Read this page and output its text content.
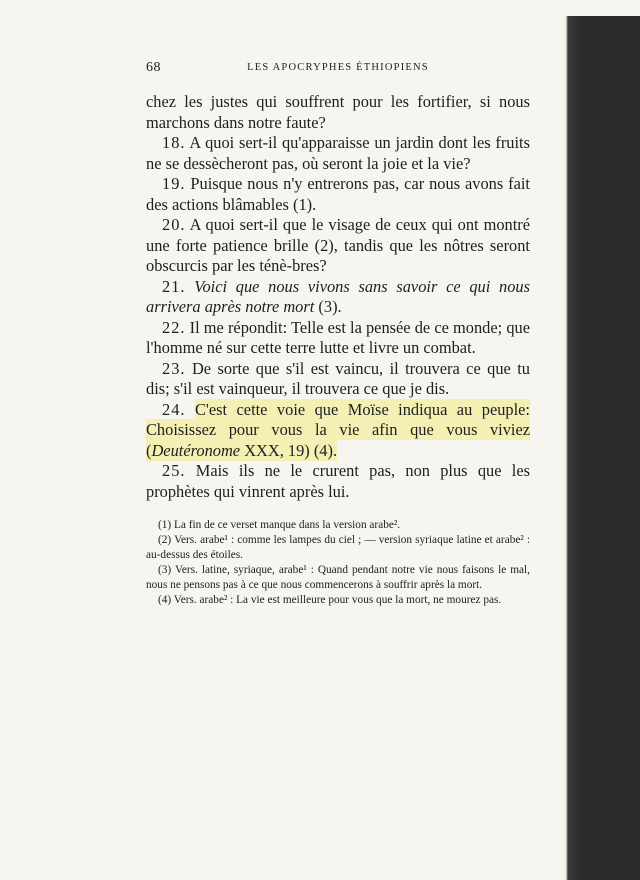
68	LES APOCRYPHES ÉTHIOPIENS

chez les justes qui souffrent pour les fortifier, si nous marchons dans notre faute?

18. A quoi sert-il qu'apparaisse un jardin dont les fruits ne se dessècheront pas, où seront la joie et la vie?

19. Puisque nous n'y entrerons pas, car nous avons fait des actions blâmables (1).

20. A quoi sert-il que le visage de ceux qui ont montré une forte patience brille (2), tandis que les nôtres seront obscurcis par les ténè-bres?

21. Voici que nous vivons sans savoir ce qui nous arrivera après notre mort (3).

22. Il me répondit: Telle est la pensée de ce monde; que l'homme né sur cette terre lutte et livre un combat.

23. De sorte que s'il est vaincu, il trouvera ce que tu dis; s'il est vainqueur, il trouvera ce que je dis.

24. C'est cette voie que Moïse indiqua au peuple: Choisissez pour vous la vie afin que vous viviez (Deutéronome XXX, 19) (4).

25. Mais ils ne le crurent pas, non plus que les prophètes qui vinrent après lui.

(1) La fin de ce verset manque dans la version arabe².

(2) Vers. arabe¹ : comme les lampes du ciel ; — version syriaque latine et arabe² : au-dessus des étoiles.

(3) Vers. latine, syriaque, arabe¹ : Quand pendant notre vie nous faisons le mal, nous ne pensons pas à ce que nous commencerons à souffrir après la mort.

(4) Vers. arabe² : La vie est meilleure pour vous que la mort, ne mourez pas.
